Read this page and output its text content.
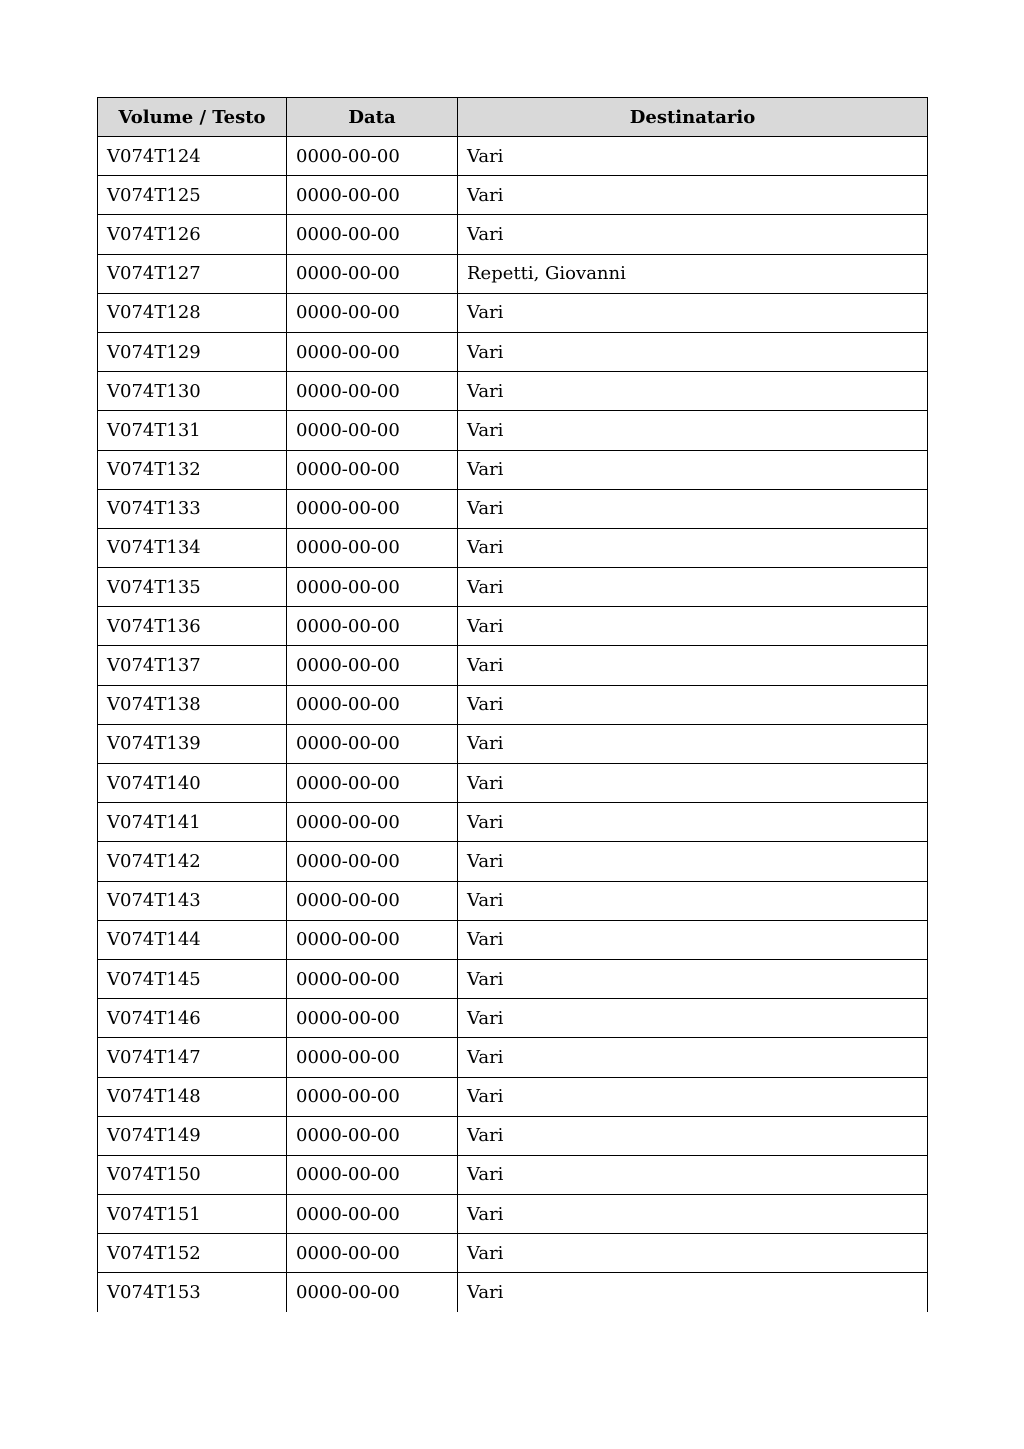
Volume / Testo	Data	Destinatario
V074T124	0000-00-00	Vari
V074T125	0000-00-00	Vari
V074T126	0000-00-00	Vari
V074T127	0000-00-00	Repetti, Giovanni
V074T128	0000-00-00	Vari
V074T129	0000-00-00	Vari
V074T130	0000-00-00	Vari
V074T131	0000-00-00	Vari
V074T132	0000-00-00	Vari
V074T133	0000-00-00	Vari
V074T134	0000-00-00	Vari
V074T135	0000-00-00	Vari
V074T136	0000-00-00	Vari
V074T137	0000-00-00	Vari
V074T138	0000-00-00	Vari
V074T139	0000-00-00	Vari
V074T140	0000-00-00	Vari
V074T141	0000-00-00	Vari
V074T142	0000-00-00	Vari
V074T143	0000-00-00	Vari
V074T144	0000-00-00	Vari
V074T145	0000-00-00	Vari
V074T146	0000-00-00	Vari
V074T147	0000-00-00	Vari
V074T148	0000-00-00	Vari
V074T149	0000-00-00	Vari
V074T150	0000-00-00	Vari
V074T151	0000-00-00	Vari
V074T152	0000-00-00	Vari
V074T153	0000-00-00	Vari
